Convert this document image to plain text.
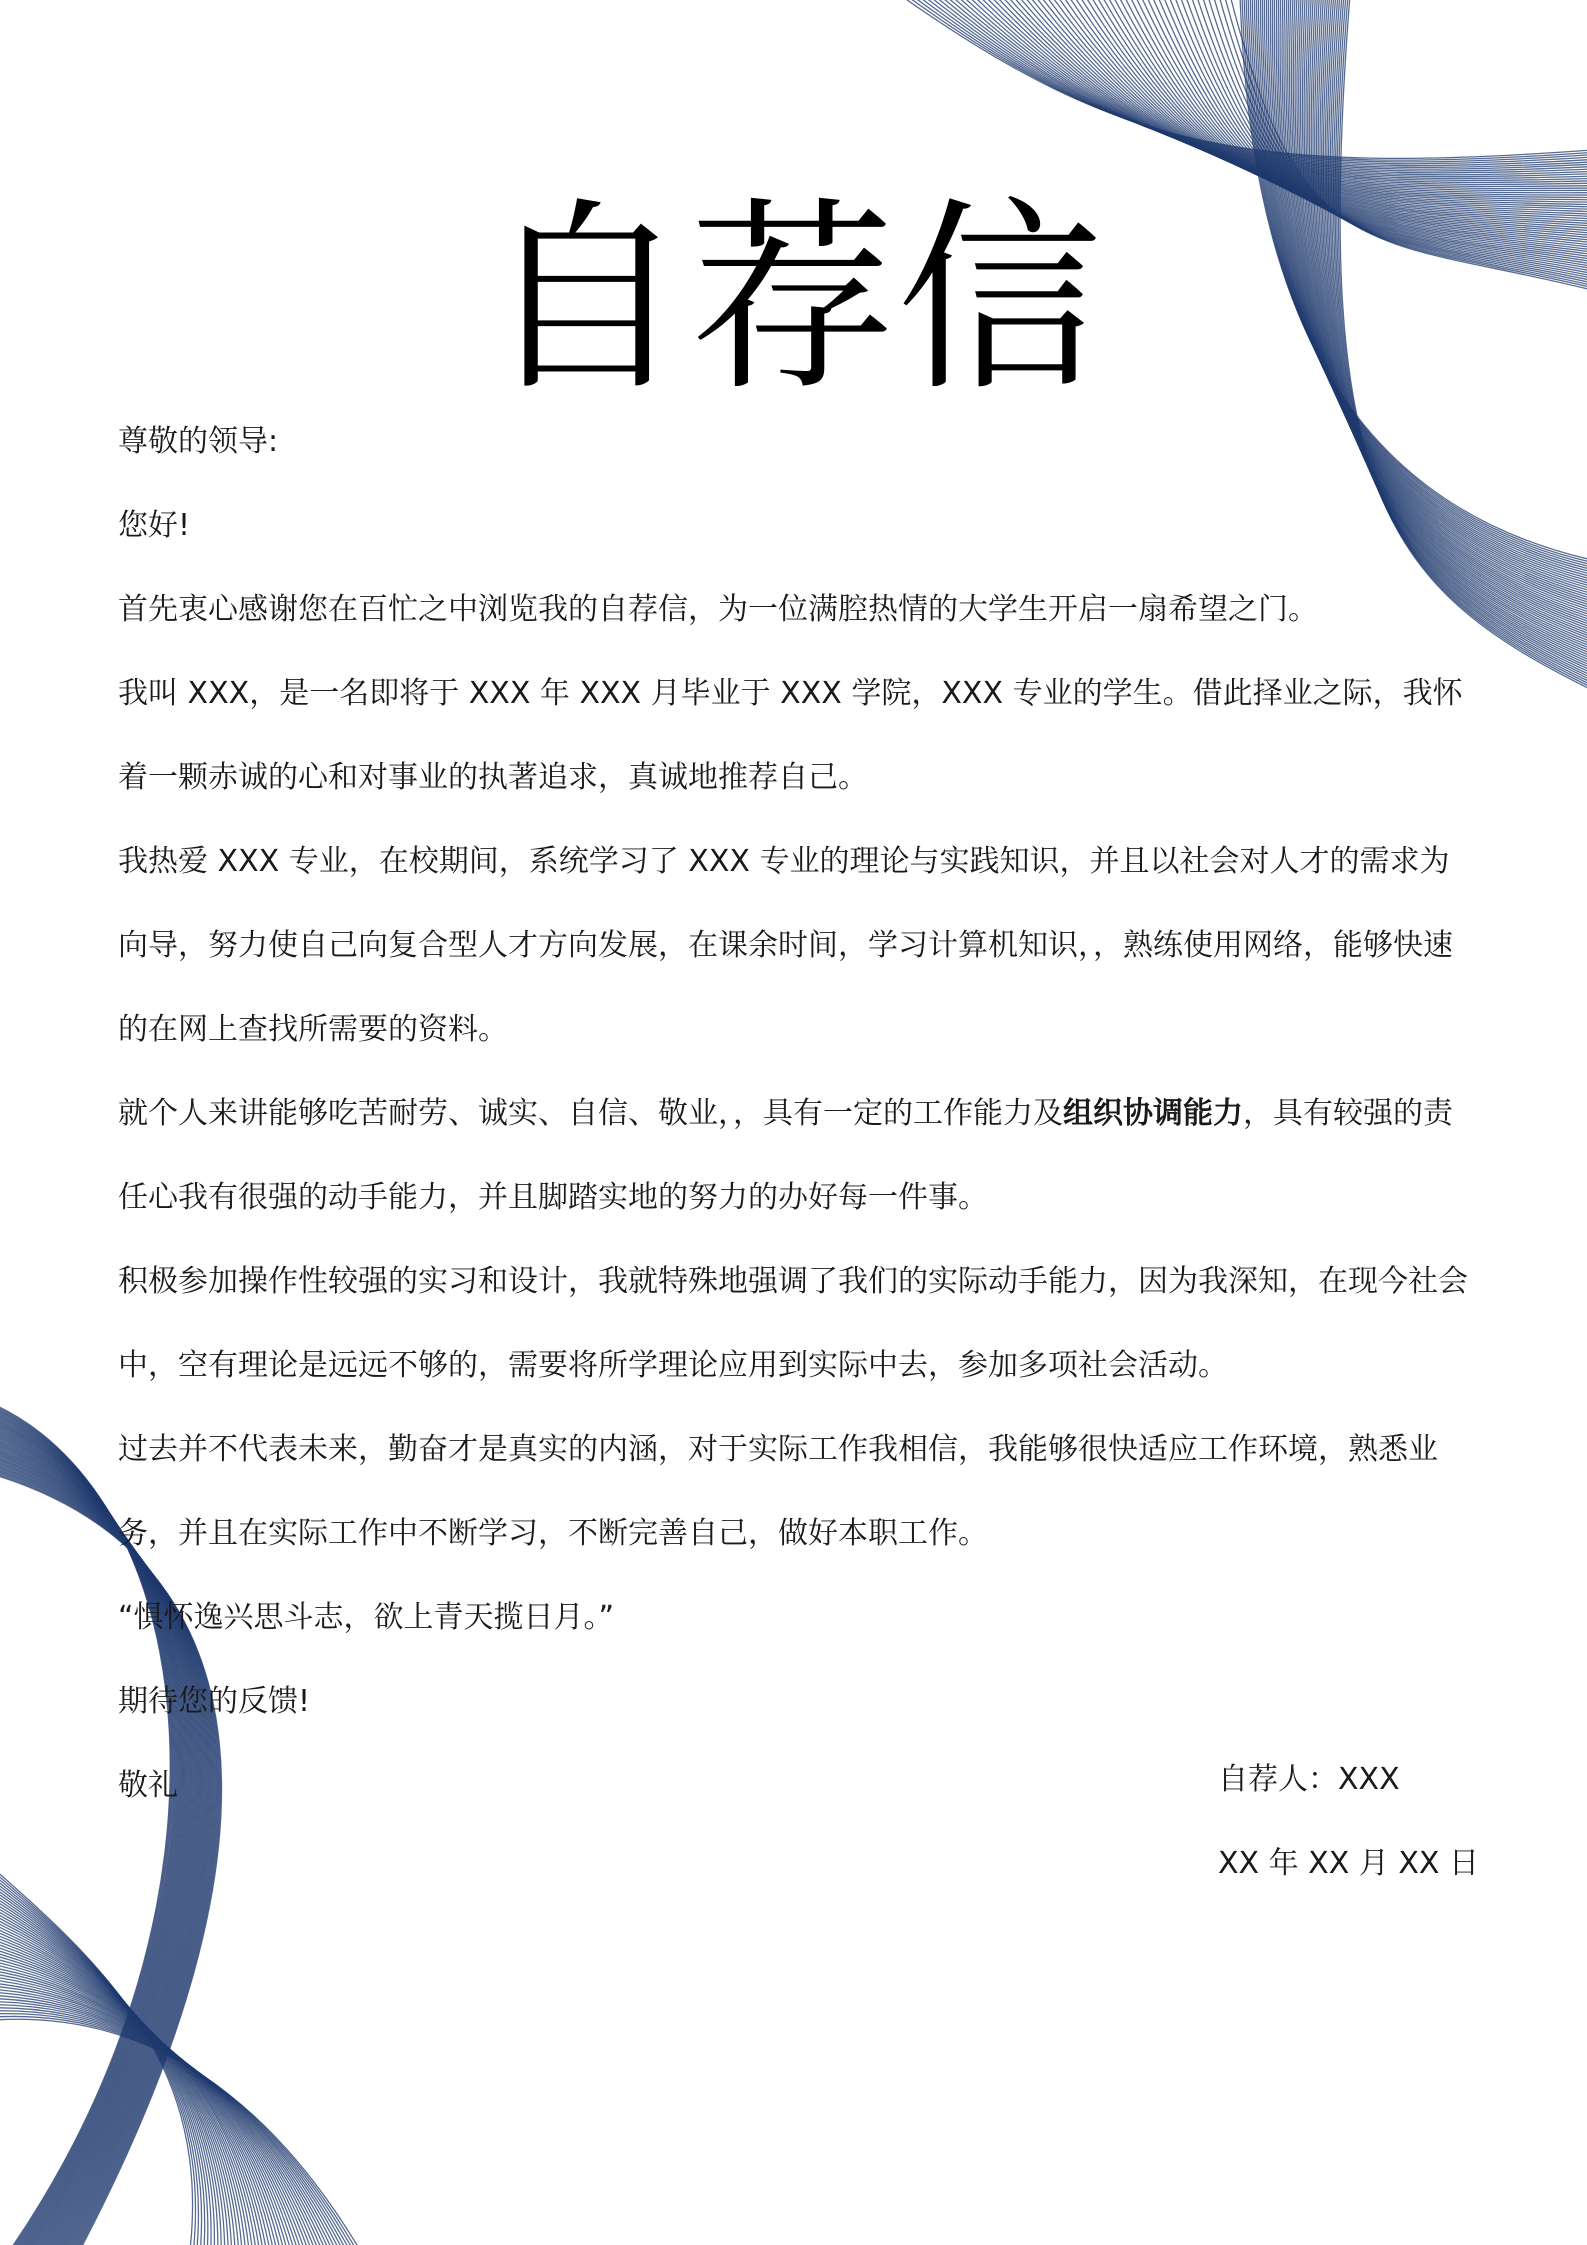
自荐信

尊敬的领导:

您好!

首先衷心感谢您在百忙之中浏览我的自荐信，为一位满腔热情的大学生开启一扇希望之门。

我叫 XXX，是一名即将于 XXX 年 XXX 月毕业于 XXX 学院，XXX 专业的学生。借此择业之际，我怀着一颗赤诚的心和对事业的执著追求，真诚地推荐自己。

我热爱 XXX 专业，在校期间，系统学习了 XXX 专业的理论与实践知识，并且以社会对人才的需求为向导，努力使自己向复合型人才方向发展，在课余时间，学习计算机知识，，熟练使用网络，能够快速的在网上查找所需要的资料。

就个人来讲能够吃苦耐劳、诚实、自信、敬业，，具有一定的工作能力及组织协调能力，具有较强的责任心我有很强的动手能力，并且脚踏实地的努力的办好每一件事。

积极参加操作性较强的实习和设计，我就特殊地强调了我们的实际动手能力，因为我深知，在现今社会中，空有理论是远远不够的，需要将所学理论应用到实际中去，参加多项社会活动。

过去并不代表未来，勤奋才是真实的内涵，对于实际工作我相信，我能够很快适应工作环境，熟悉业务，并且在实际工作中不断学习，不断完善自己，做好本职工作。

“惧怀逸兴思斗志，欲上青天揽日月。”

期待您的反馈!

敬礼	自荐人：XXX

XX 年 XX 月 XX 日
